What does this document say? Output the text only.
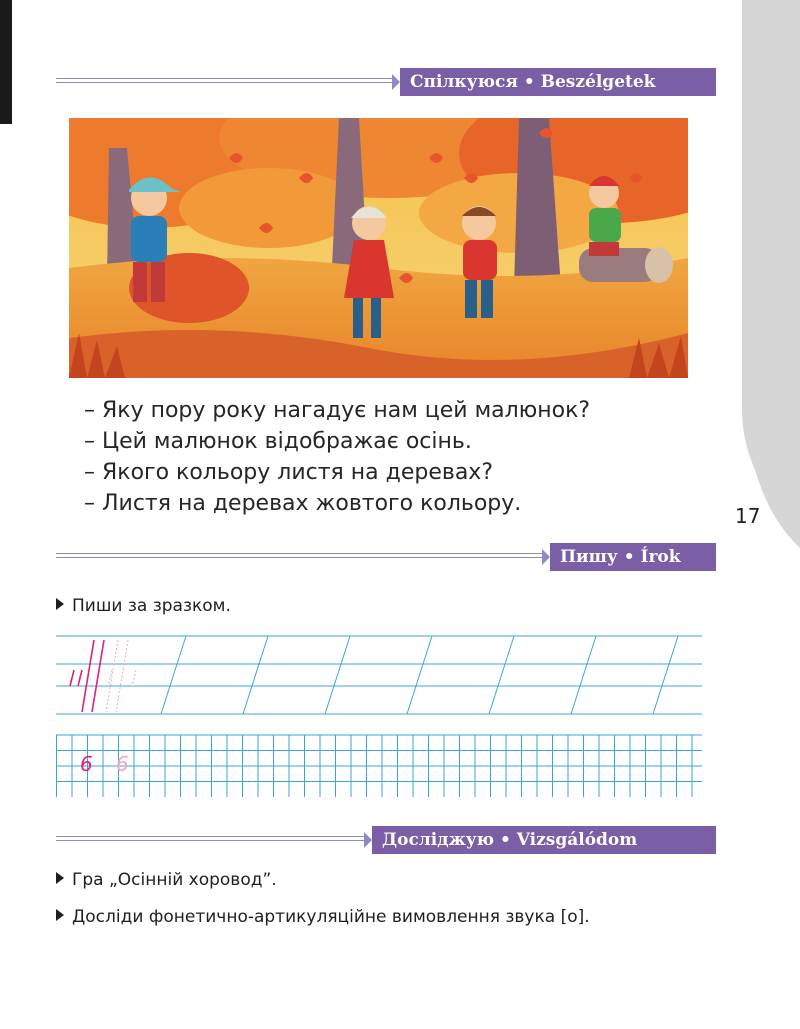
Спілкуюся • Beszélgetek
– Яку пору року нагадує нам цей малюнок?
– Цей малюнок відображає осінь.
– Якого кольору листя на деревах?
– Листя на деревах жовтого кольору.	17
Пишу • Írok
Пиши за зразком.
6 6
Досліджую • Vizsgálódom
Гра „Осінній хоровод”.
Досліди фонетично-артикуляційне вимовлення звука [о].
